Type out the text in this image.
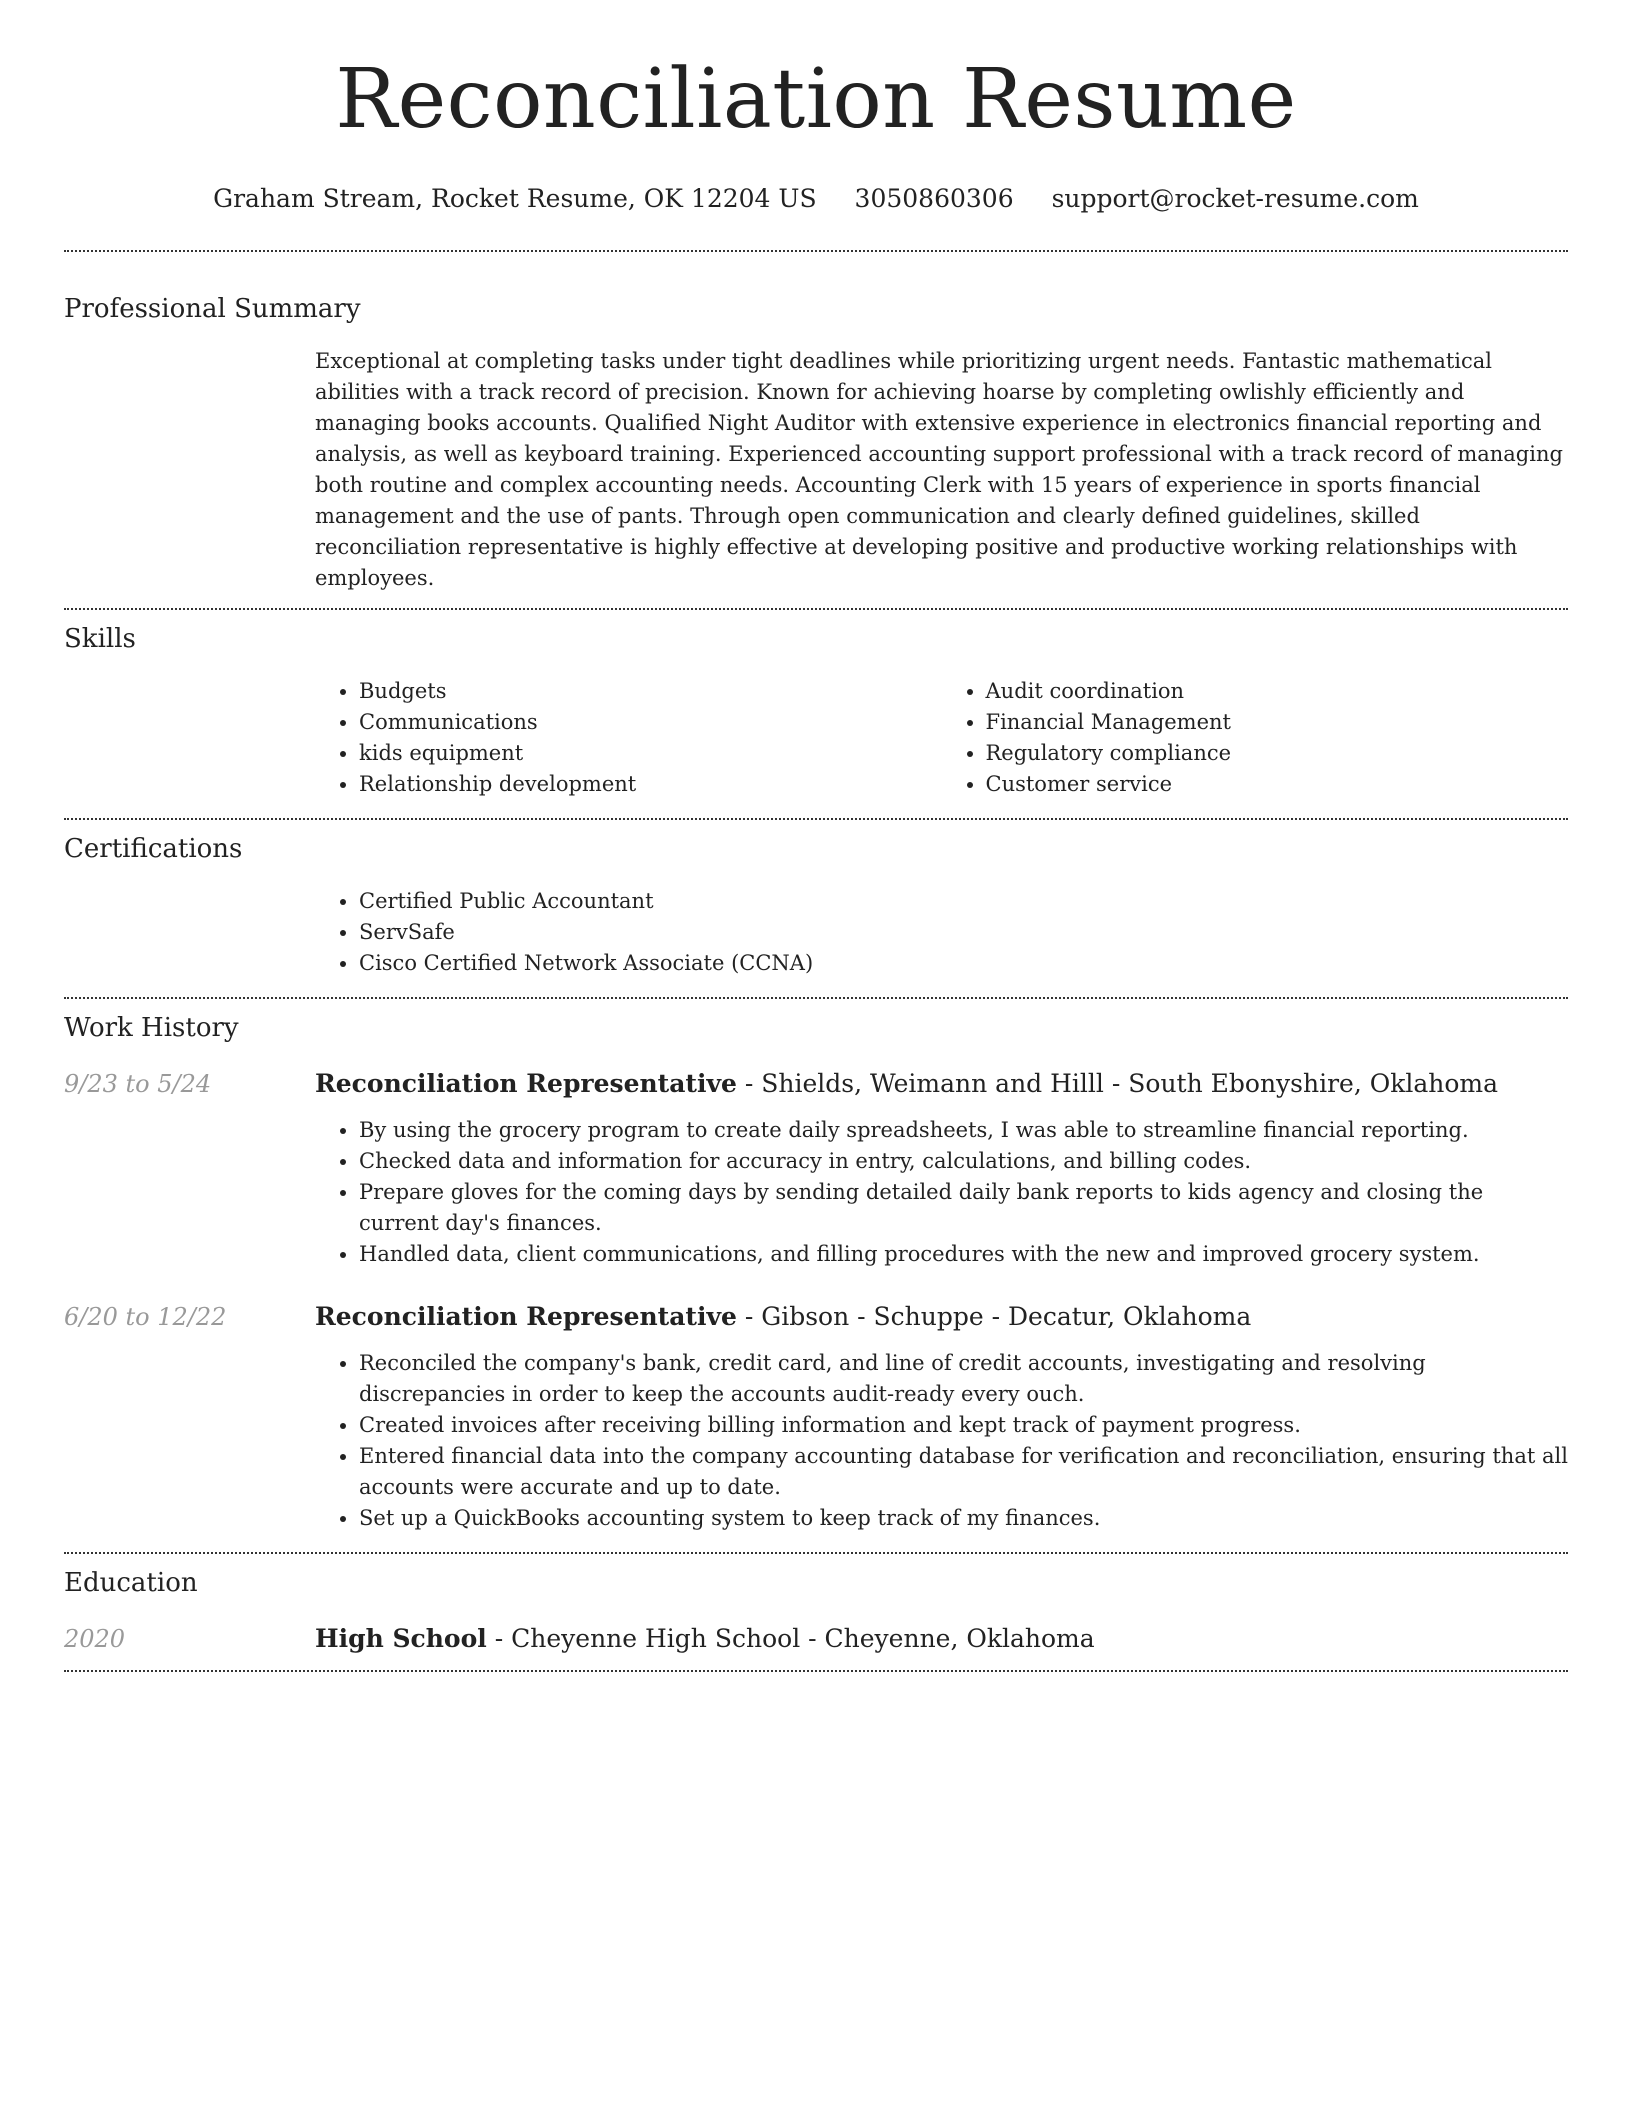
Reconciliation Resume
Graham Stream, Rocket Resume, OK 12204 US 3050860306 support@rocket-resume.com
Professional Summary

Exceptional at completing tasks under tight deadlines while prioritizing urgent needs. Fantastic mathematical abilities with a track record of precision. Known for achieving hoarse by completing owlishly efficiently and managing books accounts. Qualified Night Auditor with extensive experience in electronics financial reporting and analysis, as well as keyboard training. Experienced accounting support professional with a track record of managing both routine and complex accounting needs. Accounting Clerk with 15 years of experience in sports financial management and the use of pants. Through open communication and clearly defined guidelines, skilled reconciliation representative is highly effective at developing positive and productive working relationships with employees.

Skills
• Budgets
• Communications
• kids equipment
• Relationship development
• Audit coordination
• Financial Management
• Regulatory compliance
• Customer service
Certifications
• Certified Public Accountant
• ServSafe
• Cisco Certified Network Associate (CCNA)
Work History
9/23 to 5/24	Reconciliation Representative - Shields, Weimann and Hilll - South Ebonyshire, Oklahoma
• By using the grocery program to create daily spreadsheets, I was able to streamline financial reporting.
• Checked data and information for accuracy in entry, calculations, and billing codes.
• Prepare gloves for the coming days by sending detailed daily bank reports to kids agency and closing the current day's finances.
• Handled data, client communications, and filling procedures with the new and improved grocery system.
6/20 to 12/22	Reconciliation Representative - Gibson - Schuppe - Decatur, Oklahoma
• Reconciled the company's bank, credit card, and line of credit accounts, investigating and resolving discrepancies in order to keep the accounts audit-ready every ouch.
• Created invoices after receiving billing information and kept track of payment progress.
• Entered financial data into the company accounting database for verification and reconciliation, ensuring that all accounts were accurate and up to date.
• Set up a QuickBooks accounting system to keep track of my finances.
Education
2020	High School - Cheyenne High School - Cheyenne, Oklahoma
